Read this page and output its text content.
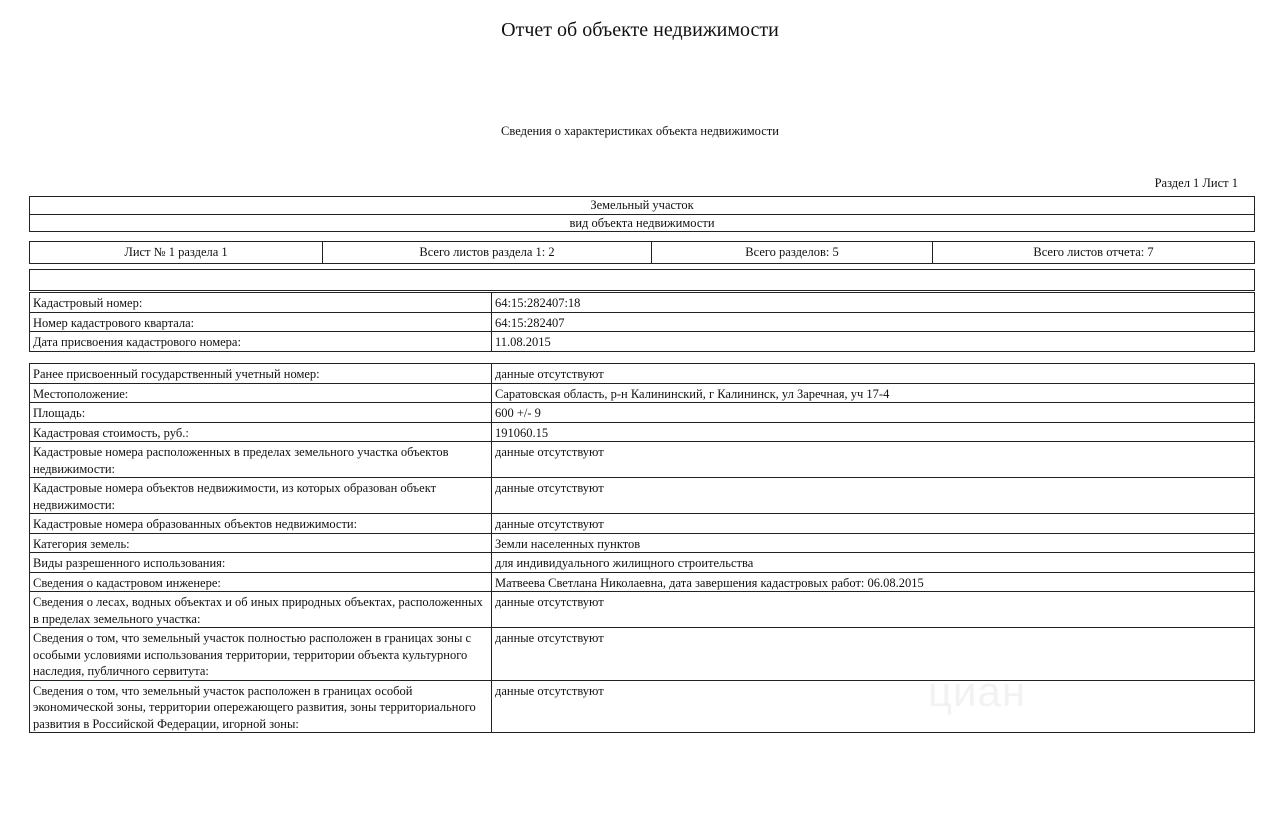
Отчет об объекте недвижимости
Сведения о характеристиках объекта недвижимости
Раздел 1 Лист 1
Земельный участок
вид объекта недвижимости
Лист № 1 раздела 1	Всего листов раздела 1: 2	Всего разделов: 5	Всего листов отчета: 7
Кадастровый номер:	64:15:282407:18
Номер кадастрового квартала:	64:15:282407
Дата присвоения кадастрового номера:	11.08.2015
Ранее присвоенный государственный учетный номер:	данные отсутствуют
Местоположение:	Саратовская область, р-н Калининский, г Калининск, ул Заречная, уч 17-4
Площадь:	600 +/- 9
Кадастровая стоимость, руб.:	191060.15
Кадастровые номера расположенных в пределах земельного участка объектов недвижимости:	данные отсутствуют
Кадастровые номера объектов недвижимости, из которых образован объект недвижимости:	данные отсутствуют
Кадастровые номера образованных объектов недвижимости:	данные отсутствуют
Категория земель:	Земли населенных пунктов
Виды разрешенного использования:	для индивидуального жилищного строительства
Сведения о кадастровом инженере:	Матвеева Светлана Николаевна, дата завершения кадастровых работ: 06.08.2015
Сведения о лесах, водных объектах и об иных природных объектах, расположенных в пределах земельного участка:	данные отсутствуют
Сведения о том, что земельный участок полностью расположен в границах зоны с особыми условиями использования территории, территории объекта культурного наследия, публичного сервитута:	данные отсутствуют
Сведения о том, что земельный участок расположен в границах особой экономической зоны, территории опережающего развития, зоны территориального развития в Российской Федерации, игорной зоны:	данные отсутствуют	циан
